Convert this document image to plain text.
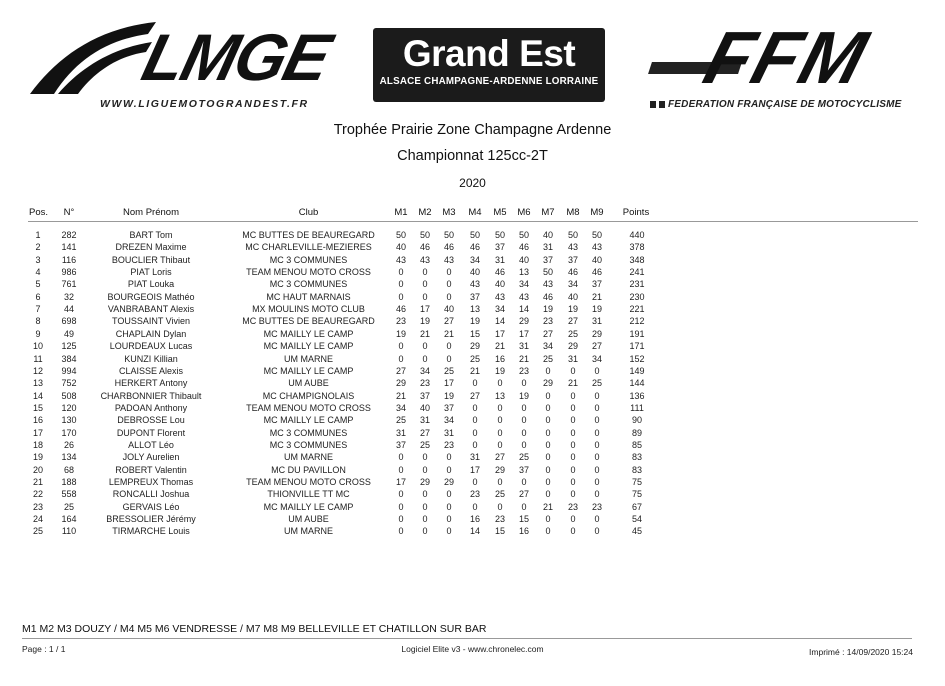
LMGE
WWW.LIGUEMOTOGRANDEST.FR
Grand Est
ALSACE CHAMPAGNE-ARDENNE LORRAINE FFM
FEDERATION FRANÇAISE DE MOTOCYCLISME
Trophée Prairie Zone Champagne Ardenne
Championnat 125cc-2T
2020
Pos.	N°	Nom Prénom	Club	M1 M2 M3 M4 M5 M6 M7 M8 M9	Points
1	282	BART Tom	MC BUTTES DE BEAUREGARD	50 50 50 50 50 50 40 50 50	440
2	141	DREZEN Maxime	MC CHARLEVILLE-MEZIERES	40 46 46 46 37 46 31 43 43	378
3	116	BOUCLIER Thibaut	MC 3 COMMUNES	43 43 43 34 31 40 37 37 40	348
4	986	PIAT Loris	TEAM MENOU MOTO CROSS	0	0	0	40 46 13 50 46 46	241
5	761	PIAT Louka	MC 3 COMMUNES	0	0	0	43 40 34 43 34 37	231
6	32	BOURGEOIS Mathéo	MC HAUT MARNAIS	0	0	0	37 43 43 46 40 21	230
7	44	VANBRABANT Alexis	MX MOULINS MOTO CLUB	46 17 40 13 34 14 19 19 19	221
8	698	TOUSSAINT Vivien	MC BUTTES DE BEAUREGARD	23 19 27 19 14 29 23 27 31	212
9	49	CHAPLAIN Dylan	MC MAILLY LE CAMP	19 21 21 15 17 17 27 25 29	191
10	125	LOURDEAUX Lucas	MC MAILLY LE CAMP	0	0	0	29 21 31 34 29 27	171
11	384	KUNZI Killian	UM MARNE	0	0	0	25 16 21 25 31 34	152
12	994	CLAISSE Alexis	MC MAILLY LE CAMP	27 34 25 21 19 23	0	0	0	149
13	752	HERKERT Antony	UM AUBE	29 23 17	0	0	0	29 21 25	144
14	508	CHARBONNIER Thibault	MC CHAMPIGNOLAIS	21 37 19 27 13 19	0	0	0	136
15	120	PADOAN Anthony	TEAM MENOU MOTO CROSS	34 40 37	0	0	0	0	0	0	111
16	130	DEBROSSE Lou	MC MAILLY LE CAMP	25 31 34	0	0	0	0	0	0	90
17	170	DUPONT Florent	MC 3 COMMUNES	31 27 31	0	0	0	0	0	0	89
18	26	ALLOT Léo	MC 3 COMMUNES	37 25 23	0	0	0	0	0	0	85
19	134	JOLY Aurelien	UM MARNE	0	0	0	31 27 25	0	0	0	83
20	68	ROBERT Valentin	MC DU PAVILLON	0	0	0	17 29 37	0	0	0	83
21	188	LEMPREUX Thomas	TEAM MENOU MOTO CROSS	17 29 29	0	0	0	0	0	0	75
22	558	RONCALLI Joshua	THIONVILLE TT MC	0	0	0	23 25 27	0	0	0	75
23	25	GERVAIS Léo	MC MAILLY LE CAMP	0	0	0	0	0	0	21 23 23	67
24	164	BRESSOLIER Jérémy	UM AUBE	0	0	0	16 23 15	0	0	0	54
25	110	TIRMARCHE Louis	UM MARNE	0	0	0	14 15 16	0	0	0	45
M1 M2 M3 DOUZY / M4 M5 M6 VENDRESSE / M7 M8 M9 BELLEVILLE ET CHATILLON SUR BAR
Page : 1 / 1	Logiciel Elite v3 - www.chronelec.com	Imprimé : 14/09/2020 15:24
